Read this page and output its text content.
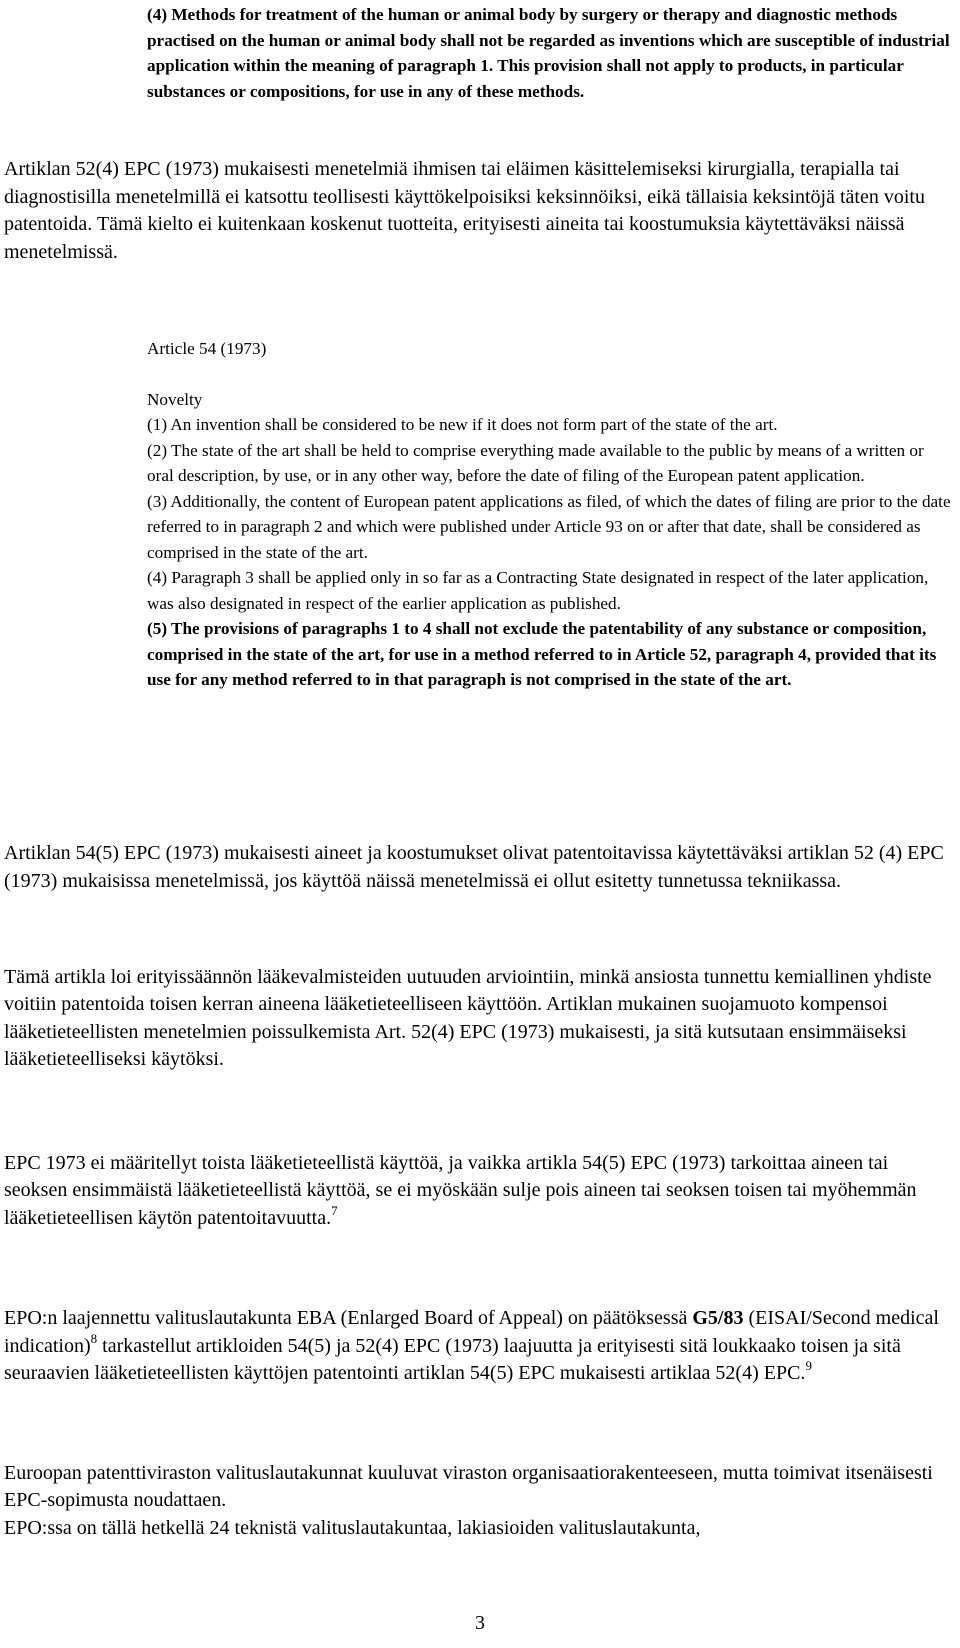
(4) Methods for treatment of the human or animal body by surgery or therapy and diagnostic methods practised on the human or animal body shall not be regarded as inventions which are susceptible of industrial application within the meaning of paragraph 1. This provision shall not apply to products, in particular substances or compositions, for use in any of these methods.

Artiklan 52(4) EPC (1973) mukaisesti menetelmiä ihmisen tai eläimen käsittelemiseksi kirurgialla, terapialla tai diagnostisilla menetelmillä ei katsottu teollisesti käyttökelpoisiksi keksinnöiksi, eikä tällaisia keksintöjä täten voitu patentoida. Tämä kielto ei kuitenkaan koskenut tuotteita, erityisesti aineita tai koostumuksia käytettäväksi näissä menetelmissä.

Article 54 (1973)

Novelty

(1) An invention shall be considered to be new if it does not form part of the state of the art.

(2) The state of the art shall be held to comprise everything made available to the public by means of a written or oral description, by use, or in any other way, before the date of filing of the European patent application.

(3) Additionally, the content of European patent applications as filed, of which the dates of filing are prior to the date referred to in paragraph 2 and which were published under Article 93 on or after that date, shall be considered as comprised in the state of the art.

(4) Paragraph 3 shall be applied only in so far as a Contracting State designated in respect of the later application, was also designated in respect of the earlier application as published.

(5) The provisions of paragraphs 1 to 4 shall not exclude the patentability of any substance or composition, comprised in the state of the art, for use in a method referred to in Article 52, paragraph 4, provided that its use for any method referred to in that paragraph is not comprised in the state of the art.

Artiklan 54(5) EPC (1973) mukaisesti aineet ja koostumukset olivat patentoitavissa käytettäväksi artiklan 52 (4) EPC (1973) mukaisissa menetelmissä, jos käyttöä näissä menetelmissä ei ollut esitetty tunnetussa tekniikassa.

Tämä artikla loi erityissäännön lääkevalmisteiden uutuuden arviointiin, minkä ansiosta tunnettu kemiallinen yhdiste voitiin patentoida toisen kerran aineena lääketieteelliseen käyttöön. Artiklan mukainen suojamuoto kompensoi lääketieteellisten menetelmien poissulkemista Art. 52(4) EPC (1973) mukaisesti, ja sitä kutsutaan ensimmäiseksi lääketieteelliseksi käytöksi.

EPC 1973 ei määritellyt toista lääketieteellistä käyttöä, ja vaikka artikla 54(5) EPC (1973) tarkoittaa aineen tai seoksen ensimmäistä lääketieteellistä käyttöä, se ei myöskään sulje pois aineen tai seoksen toisen tai myöhemmän lääketieteellisen käytön patentoitavuutta.$^7$

EPO:n laajennettu valituslautakunta EBA (Enlarged Board of Appeal) on päätöksessä G5/83 (EISAI/Second medical indication)$^8$ tarkastellut artikloiden 54(5) ja 52(4) EPC (1973) laajuutta ja erityisesti sitä loukkaako toisen ja sitä seuraavien lääketieteellisten käyttöjen patentointi artiklan 54(5) EPC mukaisesti artiklaa 52(4) EPC.$^9$

Euroopan patenttiviraston valituslautakunnat kuuluvat viraston organisaatiorakenteeseen, mutta toimivat itsenäisesti EPC-sopimusta noudattaen.
EPO:ssa on tällä hetkellä 24 teknistä valituslautakuntaa, lakiasioiden valituslautakunta,

3
